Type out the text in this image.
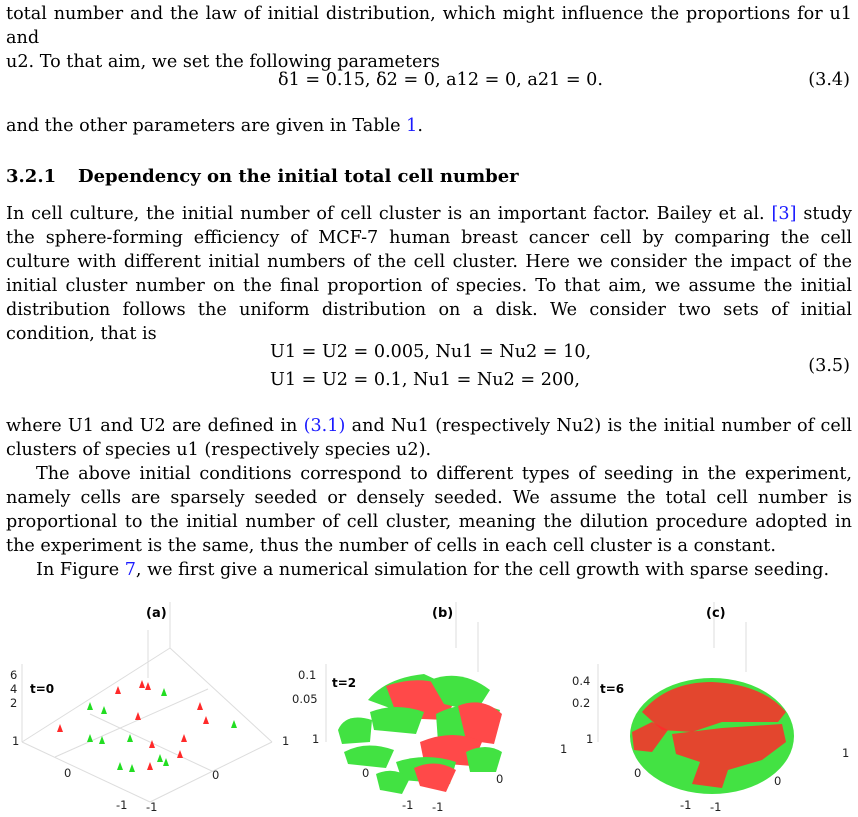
total number and the law of initial distribution, which might influence the proportions for u1 and
u2. To that aim, we set the following parameters
δ1 = 0.15, δ2 = 0, a12 = 0, a21 = 0.	(3.4)
and the other parameters are given in Table 1.
3.2.1 Dependency on the initial total cell number
In cell culture, the initial number of cell cluster is an important factor. Bailey et al. [3] study the sphere-forming efficiency of MCF-7 human breast cancer cell by comparing the cell culture with different initial numbers of the cell cluster. Here we consider the impact of the initial cluster number on the final proportion of species. To that aim, we assume the initial distribution follows the uniform distribution on a disk. We consider two sets of initial condition, that is
U1 = U2 = 0.005, Nu1 = Nu2 = 10,
U1 = U2 = 0.1, Nu1 = Nu2 = 200,
(3.5)
where U1 and U2 are defined in (3.1) and Nu1 (respectively Nu2) is the initial number of cell clusters of species u1 (respectively species u2).
The above initial conditions correspond to different types of seeding in the experiment, namely cells are sparsely seeded or densely seeded. We assume the total cell number is proportional to the initial number of cell cluster, meaning the dilution procedure adopted in the experiment is the same, thus the number of cells in each cell cluster is a constant.
In Figure 7, we first give a numerical simulation for the cell growth with sparse seeding.
(a)
t=0
6
4
2
1
0
-1 -1
0
1
(b)
t=2
0.1
0.05
1
0
-1 -1
0
1
(c)
t=6
0.4
0.2
1
0
-1 -1
0
1
